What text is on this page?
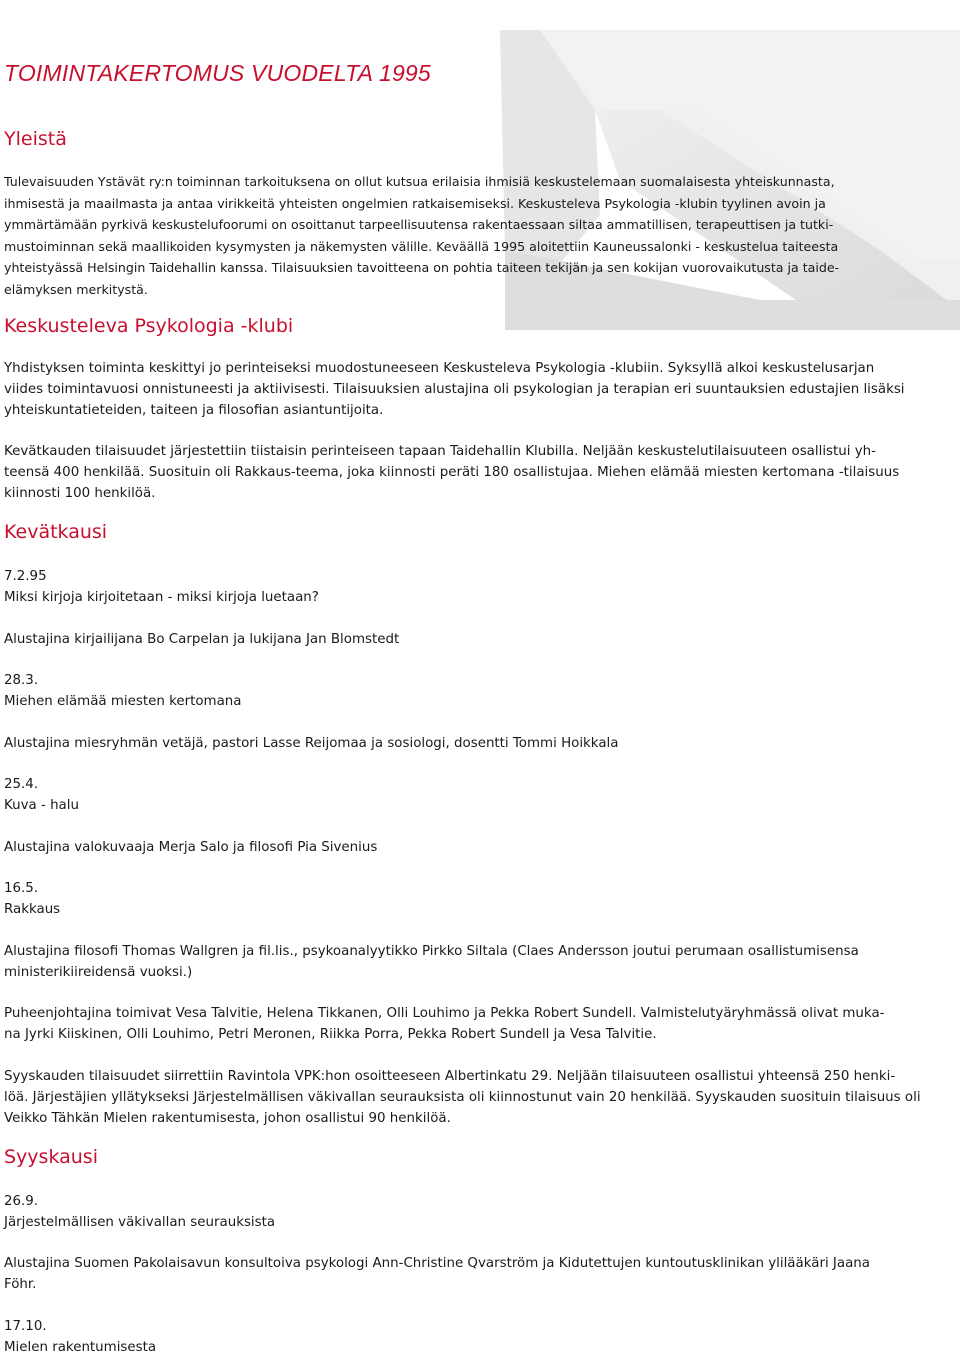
TOIMINTAKERTOMUS VUODELTA 1995
Yleistä
Tulevaisuuden Ystävät ry:n toiminnan tarkoituksena on ollut kutsua erilaisia ihmisiä keskustelemaan suomalaisesta yhteiskunnasta,
ihmisestä ja maailmasta ja antaa virikkeitä yhteisten ongelmien ratkaisemiseksi. Keskusteleva Psykologia -klubin tyylinen avoin ja
ymmärtämään pyrkivä keskustelufoorumi on osoittanut tarpeellisuutensa rakentaessaan siltaa ammatillisen, terapeuttisen ja tutki-
mustoiminnan sekä maallikoiden kysymysten ja näkemysten välille. Keväällä 1995 aloitettiin Kauneussalonki - keskustelua taiteesta
yhteistyässä Helsingin Taidehallin kanssa. Tilaisuuksien tavoitteena on pohtia taiteen tekijän ja sen kokijan vuorovaikutusta ja taide-
elämyksen merkitystä.
Keskusteleva Psykologia -klubi
Yhdistyksen toiminta keskittyi jo perinteiseksi muodostuneeseen Keskusteleva Psykologia -klubiin. Syksyllä alkoi keskustelusarjan
viides toimintavuosi onnistuneesti ja aktiivisesti. Tilaisuuksien alustajina oli psykologian ja terapian eri suuntauksien edustajien lisäksi
yhteiskuntatieteiden, taiteen ja filosofian asiantuntijoita.
Kevätkauden tilaisuudet järjestettiin tiistaisin perinteiseen tapaan Taidehallin Klubilla. Neljään keskustelutilaisuuteen osallistui yh-
teensä 400 henkilää. Suosituin oli Rakkaus-teema, joka kiinnosti peräti 180 osallistujaa. Miehen elämää miesten kertomana -tilaisuus
kiinnosti 100 henkilöä.
Kevätkausi
7.2.95
Miksi kirjoja kirjoitetaan - miksi kirjoja luetaan?
Alustajina kirjailijana Bo Carpelan ja lukijana Jan Blomstedt
28.3.
Miehen elämää miesten kertomana
Alustajina miesryhmän vetäjä, pastori Lasse Reijomaa ja sosiologi, dosentti Tommi Hoikkala
25.4.
Kuva - halu
Alustajina valokuvaaja Merja Salo ja filosofi Pia Sivenius
16.5.
Rakkaus
Alustajina filosofi Thomas Wallgren ja fil.lis., psykoanalyytikko Pirkko Siltala (Claes Andersson joutui perumaan osallistumisensa
ministerikiireidensä vuoksi.)
Puheenjohtajina toimivat Vesa Talvitie, Helena Tikkanen, Olli Louhimo ja Pekka Robert Sundell. Valmistelutyäryhmässä olivat muka-
na Jyrki Kiiskinen, Olli Louhimo, Petri Meronen, Riikka Porra, Pekka Robert Sundell ja Vesa Talvitie.
Syyskauden tilaisuudet siirrettiin Ravintola VPK:hon osoitteeseen Albertinkatu 29. Neljään tilaisuuteen osallistui yhteensä 250 henki-
löä. Järjestäjien yllätykseksi Järjestelmällisen väkivallan seurauksista oli kiinnostunut vain 20 henkilää. Syyskauden suosituin tilaisuus oli
Veikko Tähkän Mielen rakentumisesta, johon osallistui 90 henkilöä.
Syyskausi
26.9.
Järjestelmällisen väkivallan seurauksista
Alustajina Suomen Pakolaisavun konsultoiva psykologi Ann-Christine Qvarström ja Kidutettujen kuntoutusklinikan ylilääkäri Jaana
Föhr.
17.10.
Mielen rakentumisesta
